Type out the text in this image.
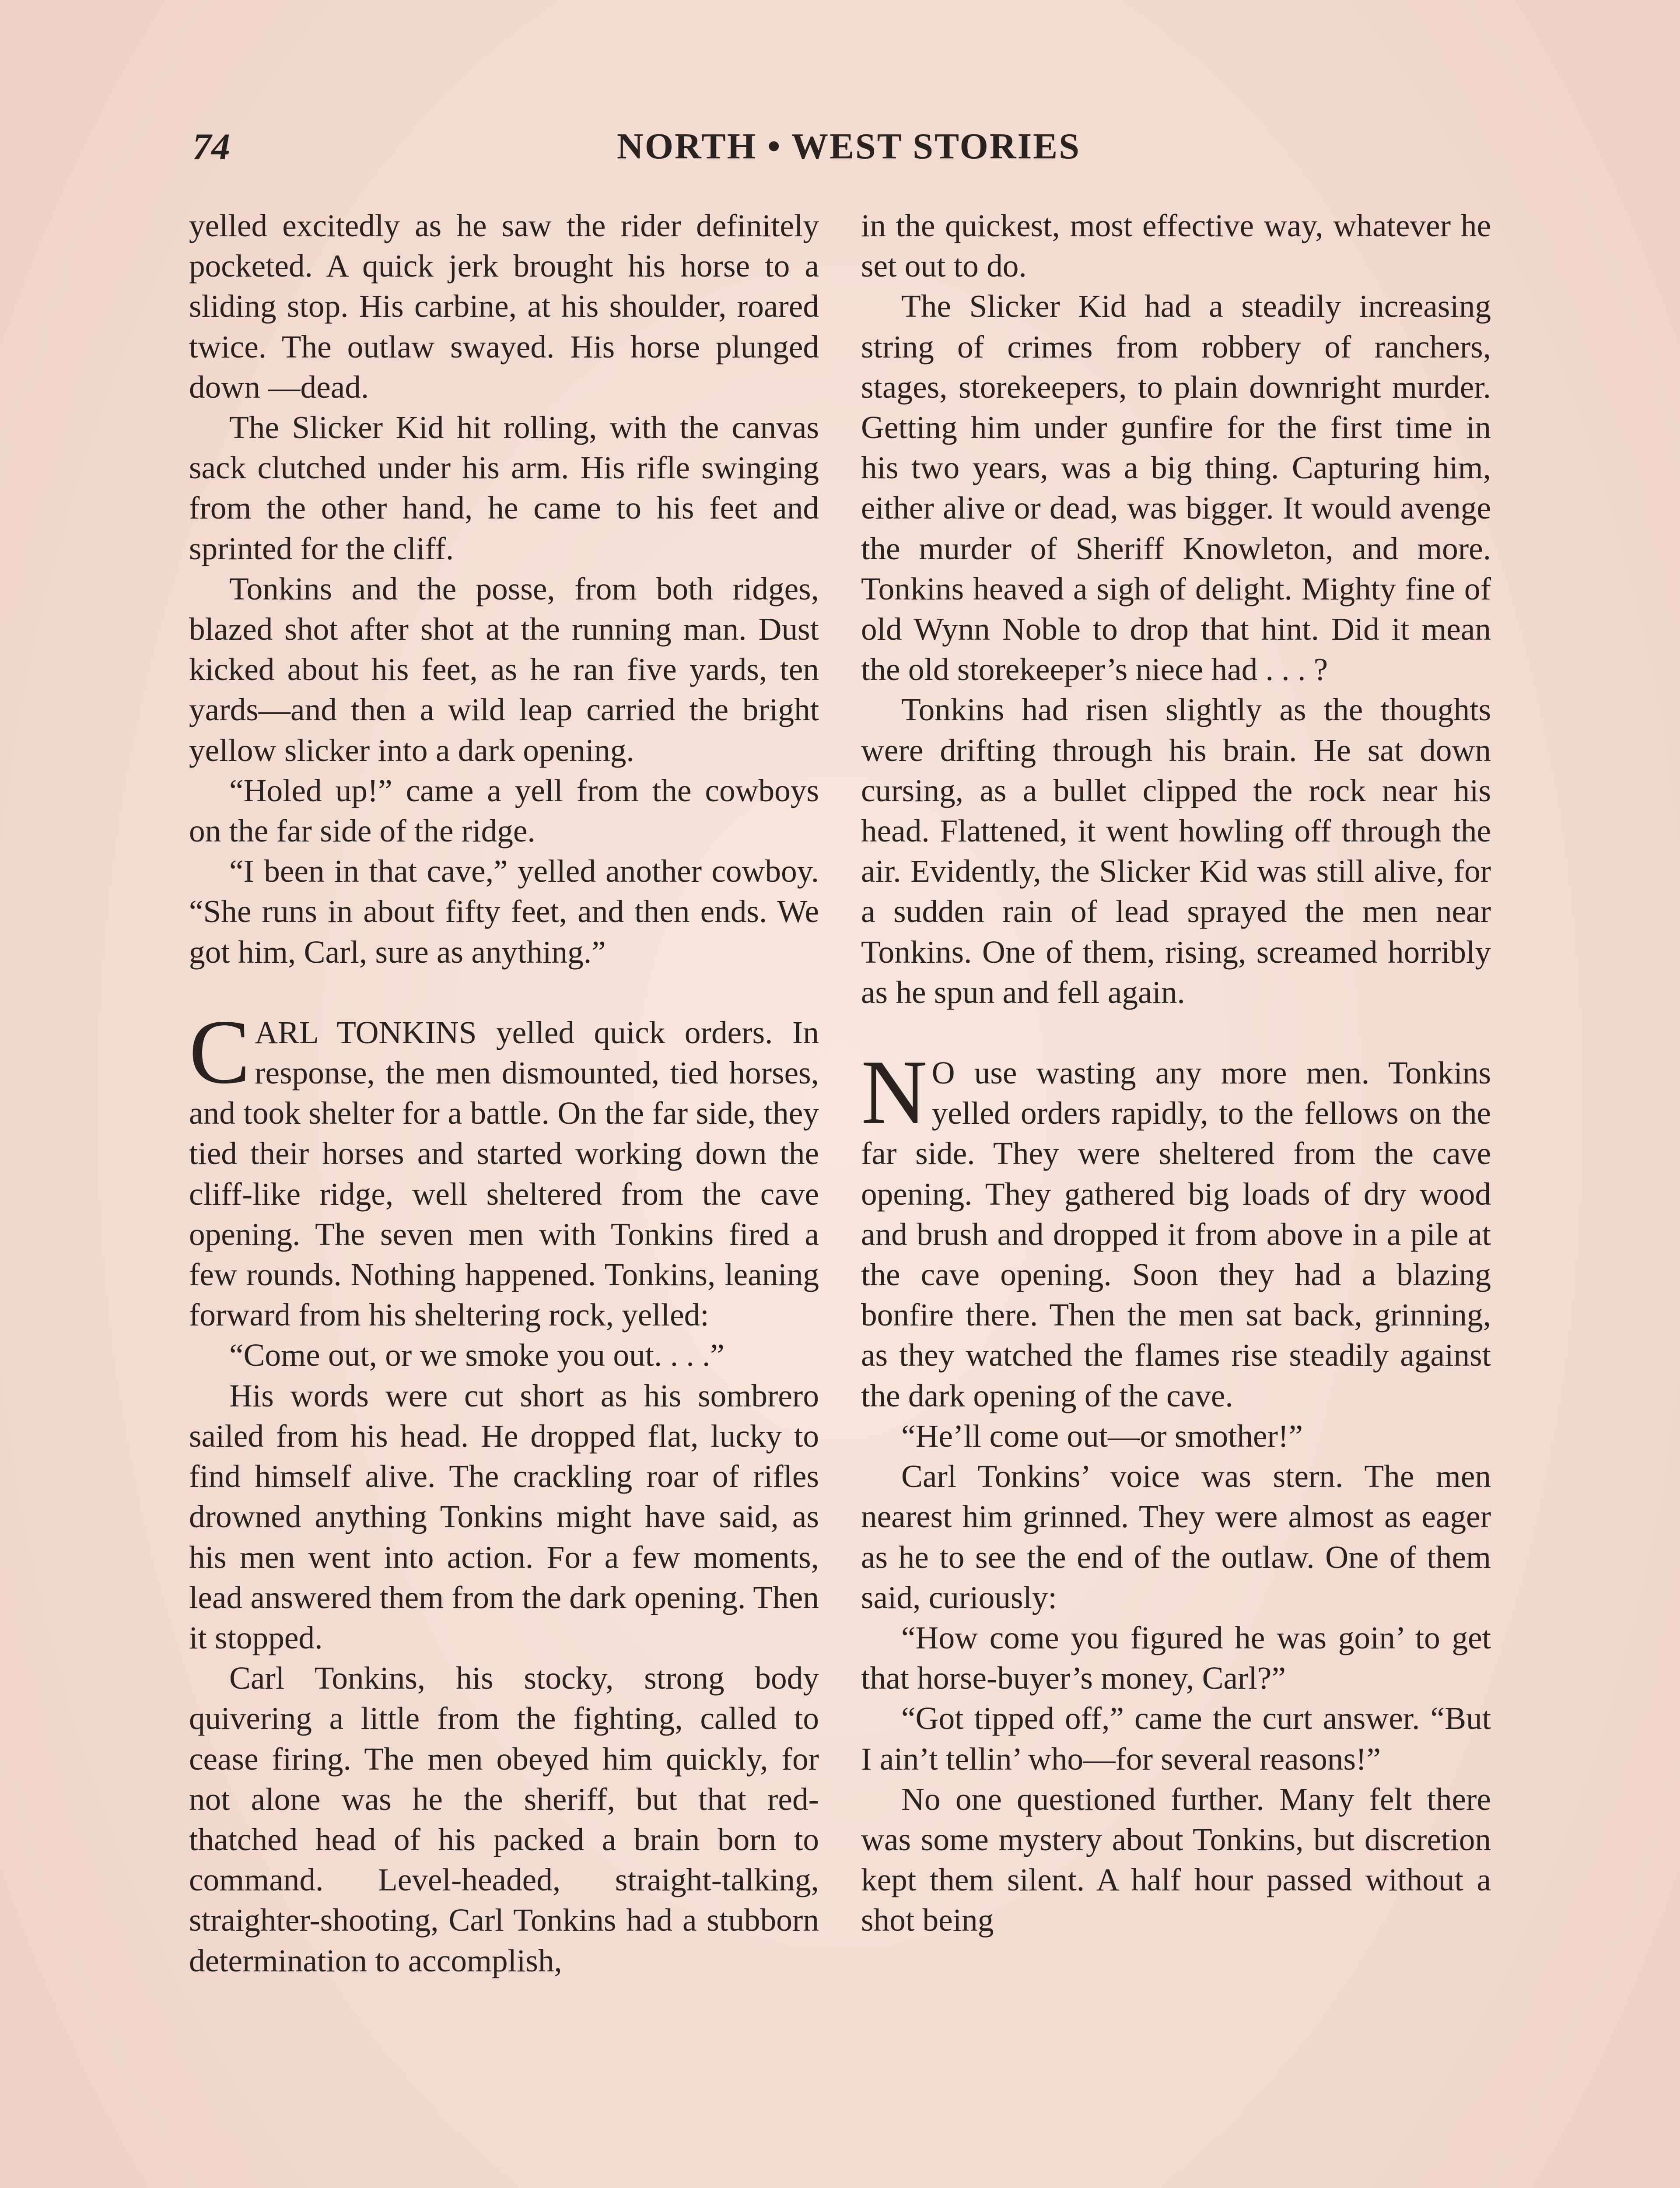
74	NORTH • WEST STORIES

yelled excitedly as he saw the rider definitely pocketed. A quick jerk brought his horse to a sliding stop. His carbine, at his shoulder, roared twice. The outlaw swayed. His horse plunged down —dead.

The Slicker Kid hit rolling, with the canvas sack clutched under his arm. His rifle swinging from the other hand, he came to his feet and sprinted for the cliff.

Tonkins and the posse, from both ridges, blazed shot after shot at the running man. Dust kicked about his feet, as he ran five yards, ten yards—and then a wild leap carried the bright yellow slicker into a dark opening.

“Holed up!” came a yell from the cowboys on the far side of the ridge.

“I been in that cave,” yelled another cowboy. “She runs in about fifty feet, and then ends. We got him, Carl, sure as anything.”

CARL TONKINS yelled quick orders. In response, the men dismounted, tied horses, and took shelter for a battle. On the far side, they tied their horses and started working down the cliff-like ridge, well sheltered from the cave opening. The seven men with Tonkins fired a few rounds. Nothing happened. Tonkins, leaning forward from his sheltering rock, yelled:

“Come out, or we smoke you out. . . .”

His words were cut short as his sombrero sailed from his head. He dropped flat, lucky to find himself alive. The crackling roar of rifles drowned anything Tonkins might have said, as his men went into action. For a few moments, lead answered them from the dark opening. Then it stopped.

Carl Tonkins, his stocky, strong body quivering a little from the fighting, called to cease firing. The men obeyed him quickly, for not alone was he the sheriff, but that red-thatched head of his packed a brain born to command. Level-headed, straight-talking, straighter-shooting, Carl Tonkins had a stubborn determination to accomplish,

in the quickest, most effective way, whatever he set out to do.

The Slicker Kid had a steadily increasing string of crimes from robbery of ranchers, stages, storekeepers, to plain downright murder. Getting him under gunfire for the first time in his two years, was a big thing. Capturing him, either alive or dead, was bigger. It would avenge the murder of Sheriff Knowleton, and more. Tonkins heaved a sigh of delight. Mighty fine of old Wynn Noble to drop that hint. Did it mean the old storekeeper’s niece had . . . ?

Tonkins had risen slightly as the thoughts were drifting through his brain. He sat down cursing, as a bullet clipped the rock near his head. Flattened, it went howling off through the air. Evidently, the Slicker Kid was still alive, for a sudden rain of lead sprayed the men near Tonkins. One of them, rising, screamed horribly as he spun and fell again.

N O use wasting any more men. Tonkins yelled orders rapidly, to the fellows on the far side. They were sheltered from the cave opening. They gathered big loads of dry wood and brush and dropped it from above in a pile at the cave opening. Soon they had a blazing bonfire there. Then the men sat back, grinning, as they watched the flames rise steadily against the dark opening of the cave.

“He’ll come out—or smother!”

Carl Tonkins’ voice was stern. The men nearest him grinned. They were almost as eager as he to see the end of the outlaw. One of them said, curiously:

“How come you figured he was goin’ to get that horse-buyer’s money, Carl?”

“Got tipped off,” came the curt answer. “But I ain’t tellin’ who—for several reasons!”

No one questioned further. Many felt there was some mystery about Tonkins, but discretion kept them silent. A half hour passed without a shot being
